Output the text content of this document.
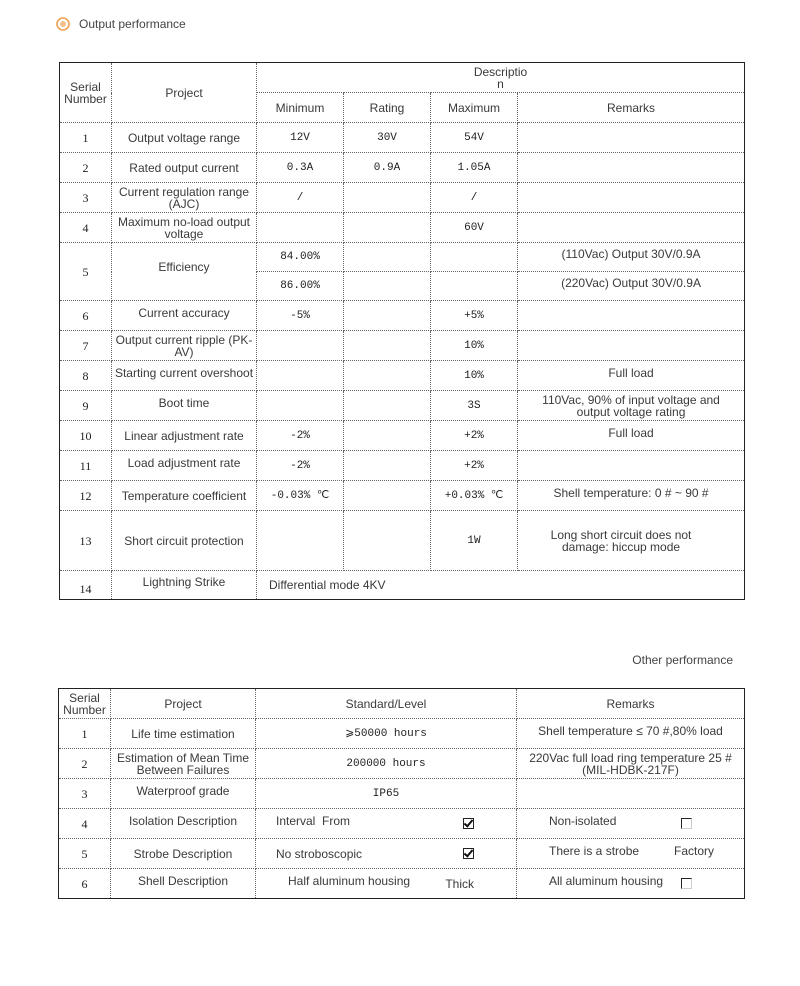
Output performance
Serial Number	Project	Descriptio
n			
		Minimum	Rating	Maximum	Remarks
1	Output voltage range	12V	30V	54V	
2	Rated output current	0.3A	0.9A	1.05A	
3	Current regulation range (AJC)	/		/	
4	Maximum no-load output voltage			60V	
5	Efficiency	84.00%			(110Vac) Output 30V/0.9A
		86.00%			(220Vac) Output 30V/0.9A
6	Current accuracy	-5%		+5%	
7	Output current ripple (PK-AV)			10%	
8	Starting current overshoot			10%	Full load
9	Boot time			3S	110Vac, 90% of input voltage and output voltage rating
10	Linear adjustment rate	-2%		+2%	Full load
11	Load adjustment rate	-2%		+2%	
12	Temperature coefficient	-0.03% ℃		+0.03% ℃	Shell temperature: 0 # ~ 90 #
13	Short circuit protection			1W	Long short circuit does not damage: hiccup mode
14	Lightning Strike	Differential mode 4KV			
Other performance
Serial Number	Project	Standard/Level	Remarks
1	Life time estimation	⩾50000 hours	Shell temperature ≤ 70 #,80% load
2	Estimation of Mean Time Between Failures	200000 hours	220Vac full load ring temperature 25 #(MIL-HDBK-217F)
3	Waterproof grade	IP65	
4	Isolation Description	Interval  From	Non-isolated

5	Strobe Description	No stroboscopic	There is a strobe Factory

6	Shell Description	Half aluminum housing Thick	All aluminum housing
